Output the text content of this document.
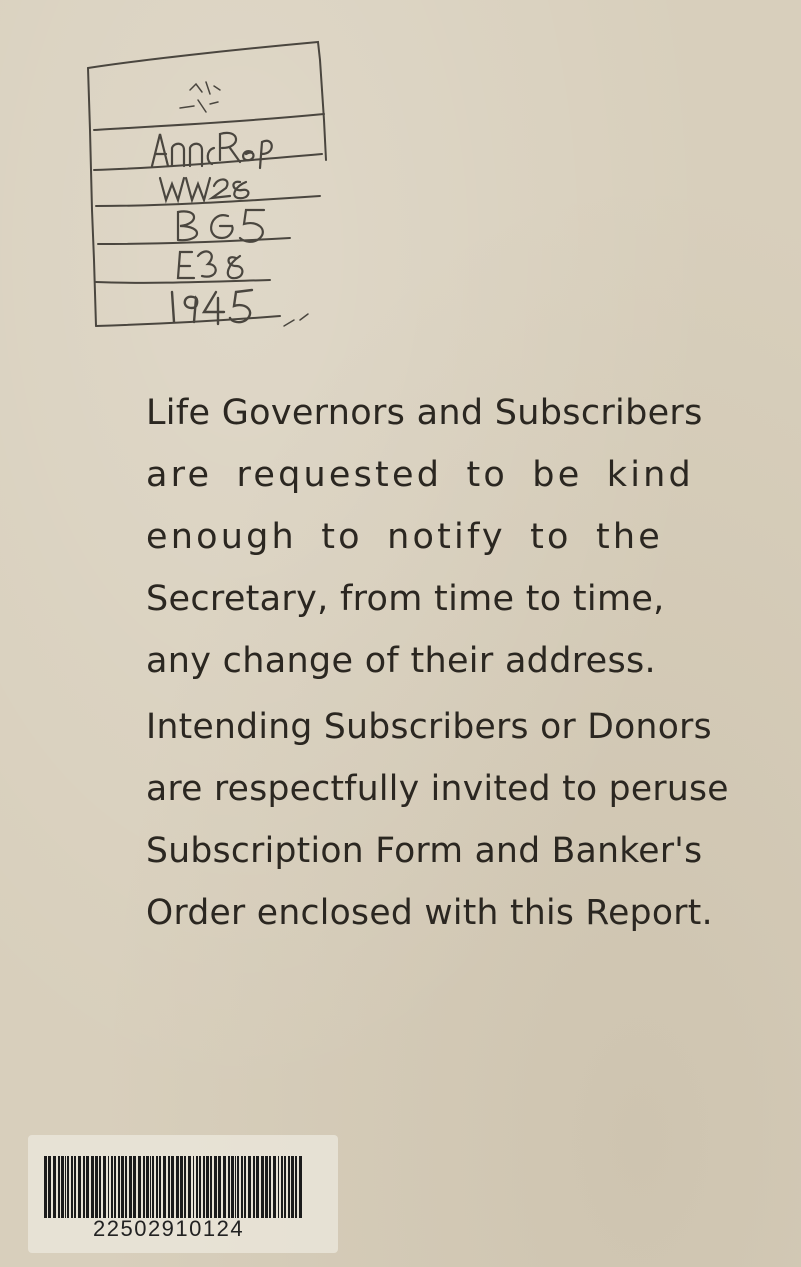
Life Governors and Subscribers
are requested to be kind
enough to notify to the
Secretary, from time to time,
any change of their address.
Intending Subscribers or Donors
are respectfully invited to peruse
Subscription Form and Banker's
Order enclosed with this Report.
22502910124
